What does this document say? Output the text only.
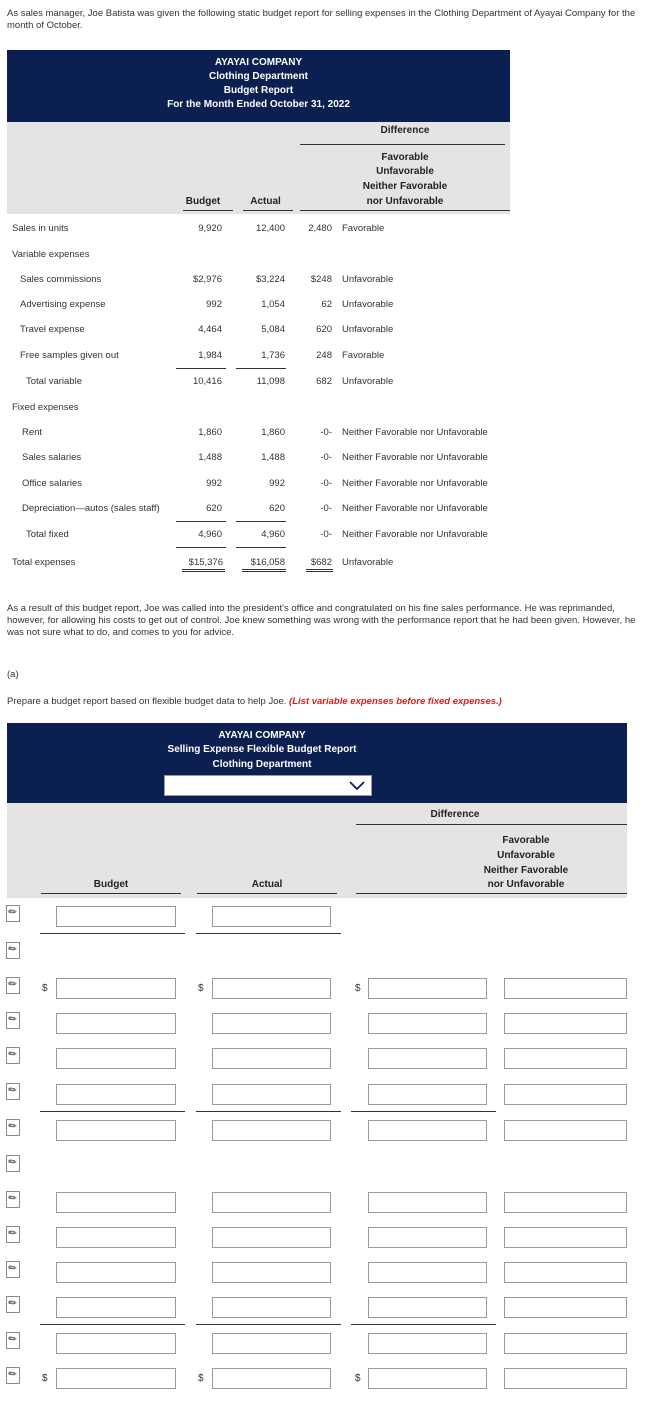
As sales manager, Joe Batista was given the following static budget report for selling expenses in the Clothing Department of Ayayai Company for the month of October.
AYAYAI COMPANY
Clothing Department
Budget Report
For the Month Ended October 31, 2022
Difference
Favorable
Unfavorable
Neither Favorable
nor Unfavorable
Budget	Actual
Sales in units	9,920	12,400	2,480 Favorable
Variable expenses
Sales commissions	$2,976	$3,224	$248 Unfavorable
Advertising expense	992	1,054	62 Unfavorable
Travel expense	4,464	5,084	620 Unfavorable
Free samples given out	1,984	1,736	248 Favorable
Total variable	10,416	11,098	682 Unfavorable
Fixed expenses
Rent	1,860	1,860	-0- Neither Favorable nor Unfavorable
Sales salaries	1,488	1,488	-0- Neither Favorable nor Unfavorable
Office salaries	992	992	-0- Neither Favorable nor Unfavorable
Depreciation—autos (sales staff)	620	620	-0- Neither Favorable nor Unfavorable
Total fixed	4,960	4,960	-0- Neither Favorable nor Unfavorable
Total expenses	$15,376	$16,058	$682 Unfavorable
As a result of this budget report, Joe was called into the president's office and congratulated on his fine sales performance. He was reprimanded, however, for allowing his costs to get out of control. Joe knew something was wrong with the performance report that he had been given. However, he was not sure what to do, and comes to you for advice.
(a)
Prepare a budget report based on flexible budget data to help Joe. (List variable expenses before fixed expenses.)
AYAYAI COMPANY
Selling Expense Flexible Budget Report
Clothing Department
Difference
Favorable
Unfavorable
Neither Favorable
nor Unfavorable
Budget	Actual
✎
✎
✎ $	$	$
✎
✎
✎
✎
✎
✎
✎
✎
✎
✎
✎ $	$	$
